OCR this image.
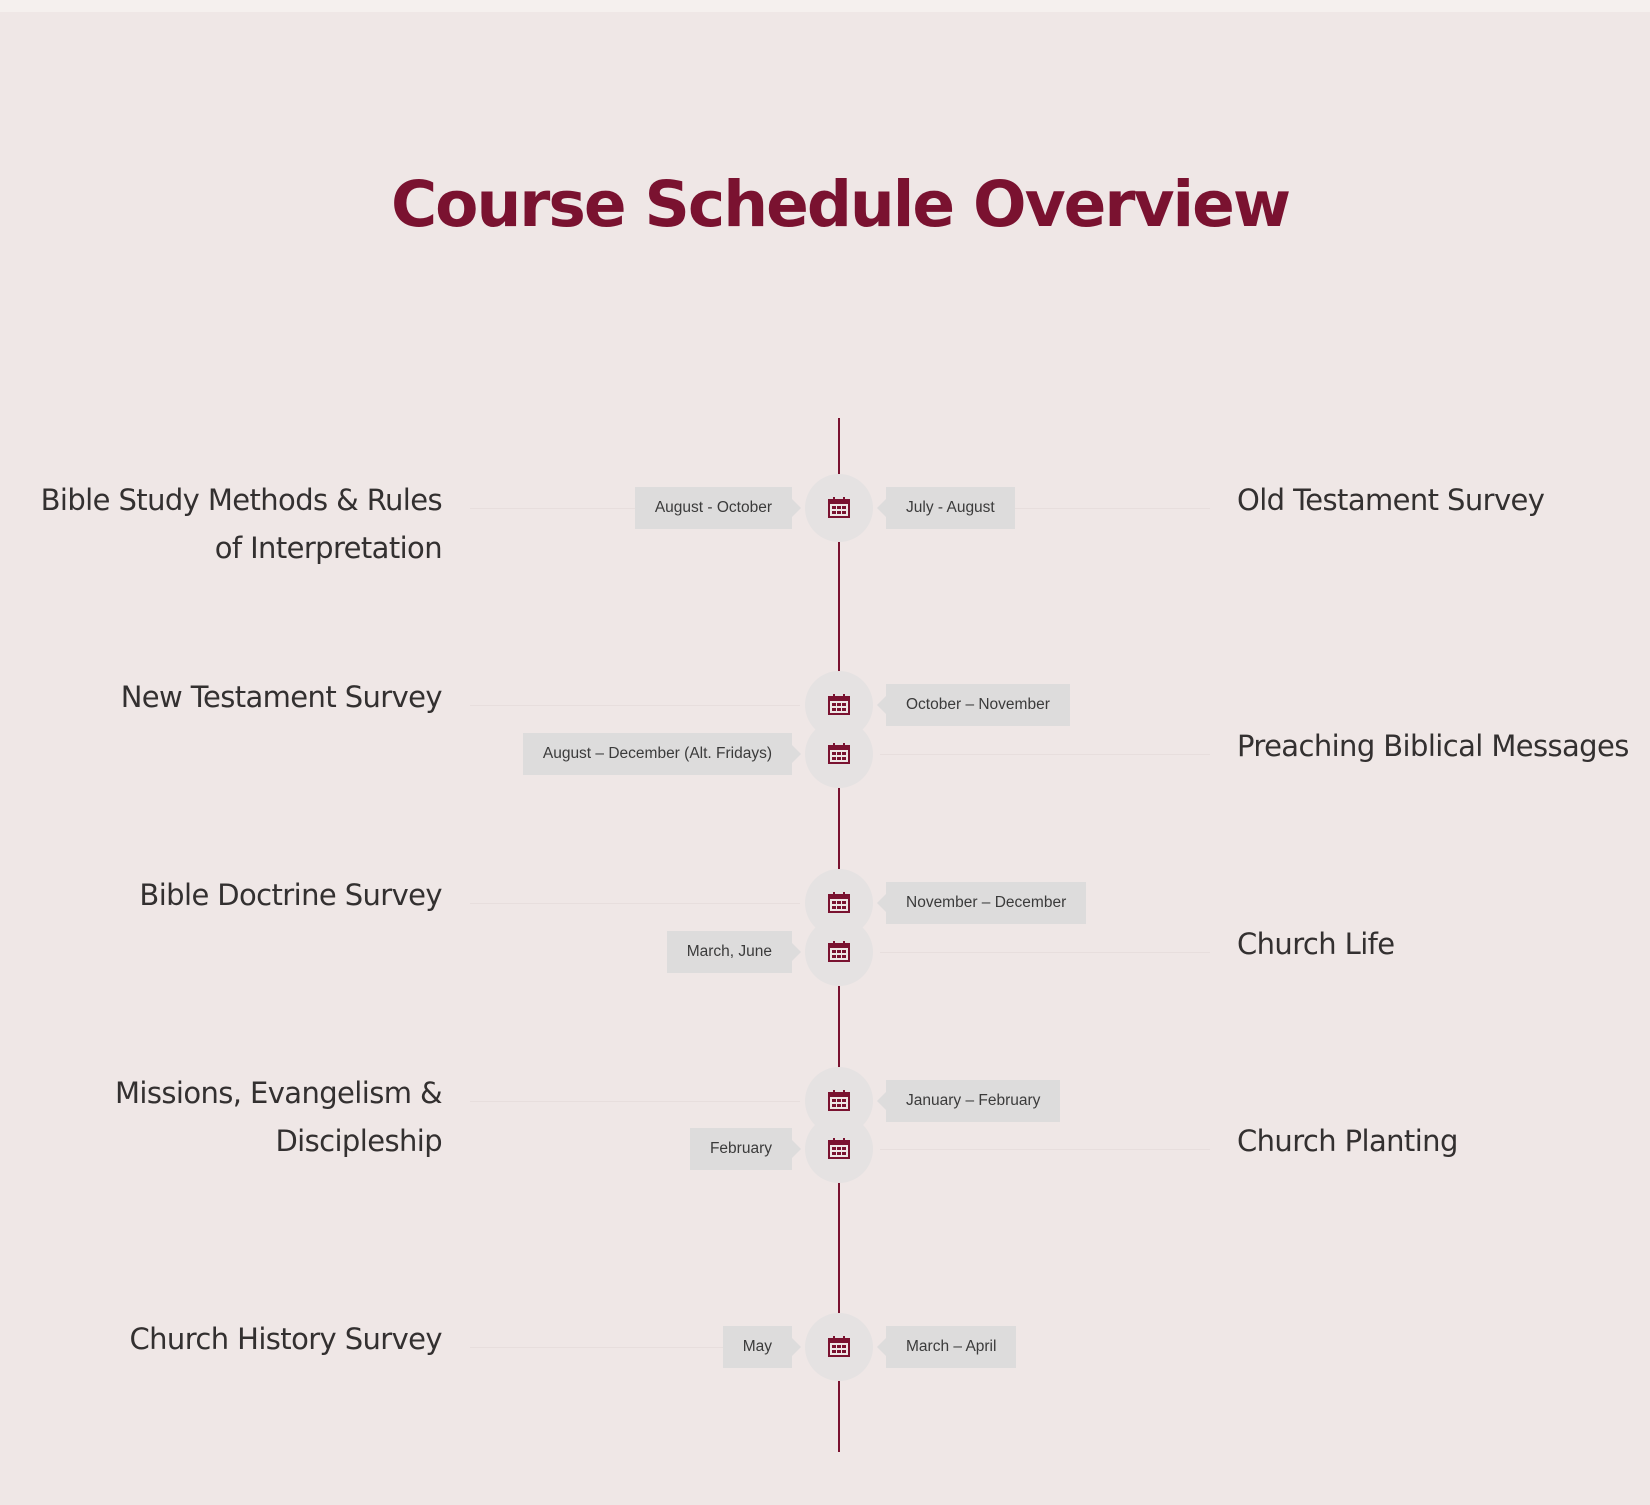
Course Schedule Overview
Bible Study Methods & Rules of Interpretation
August - October	July - August	Old Testament Survey
New Testament Survey	October – November
August – December (Alt. Fridays)	Preaching Biblical Messages
Bible Doctrine Survey	November – December
March, June	Church Life
Missions, Evangelism & Discipleship
January – February
February	Church Planting
Church History Survey	May	March – April
